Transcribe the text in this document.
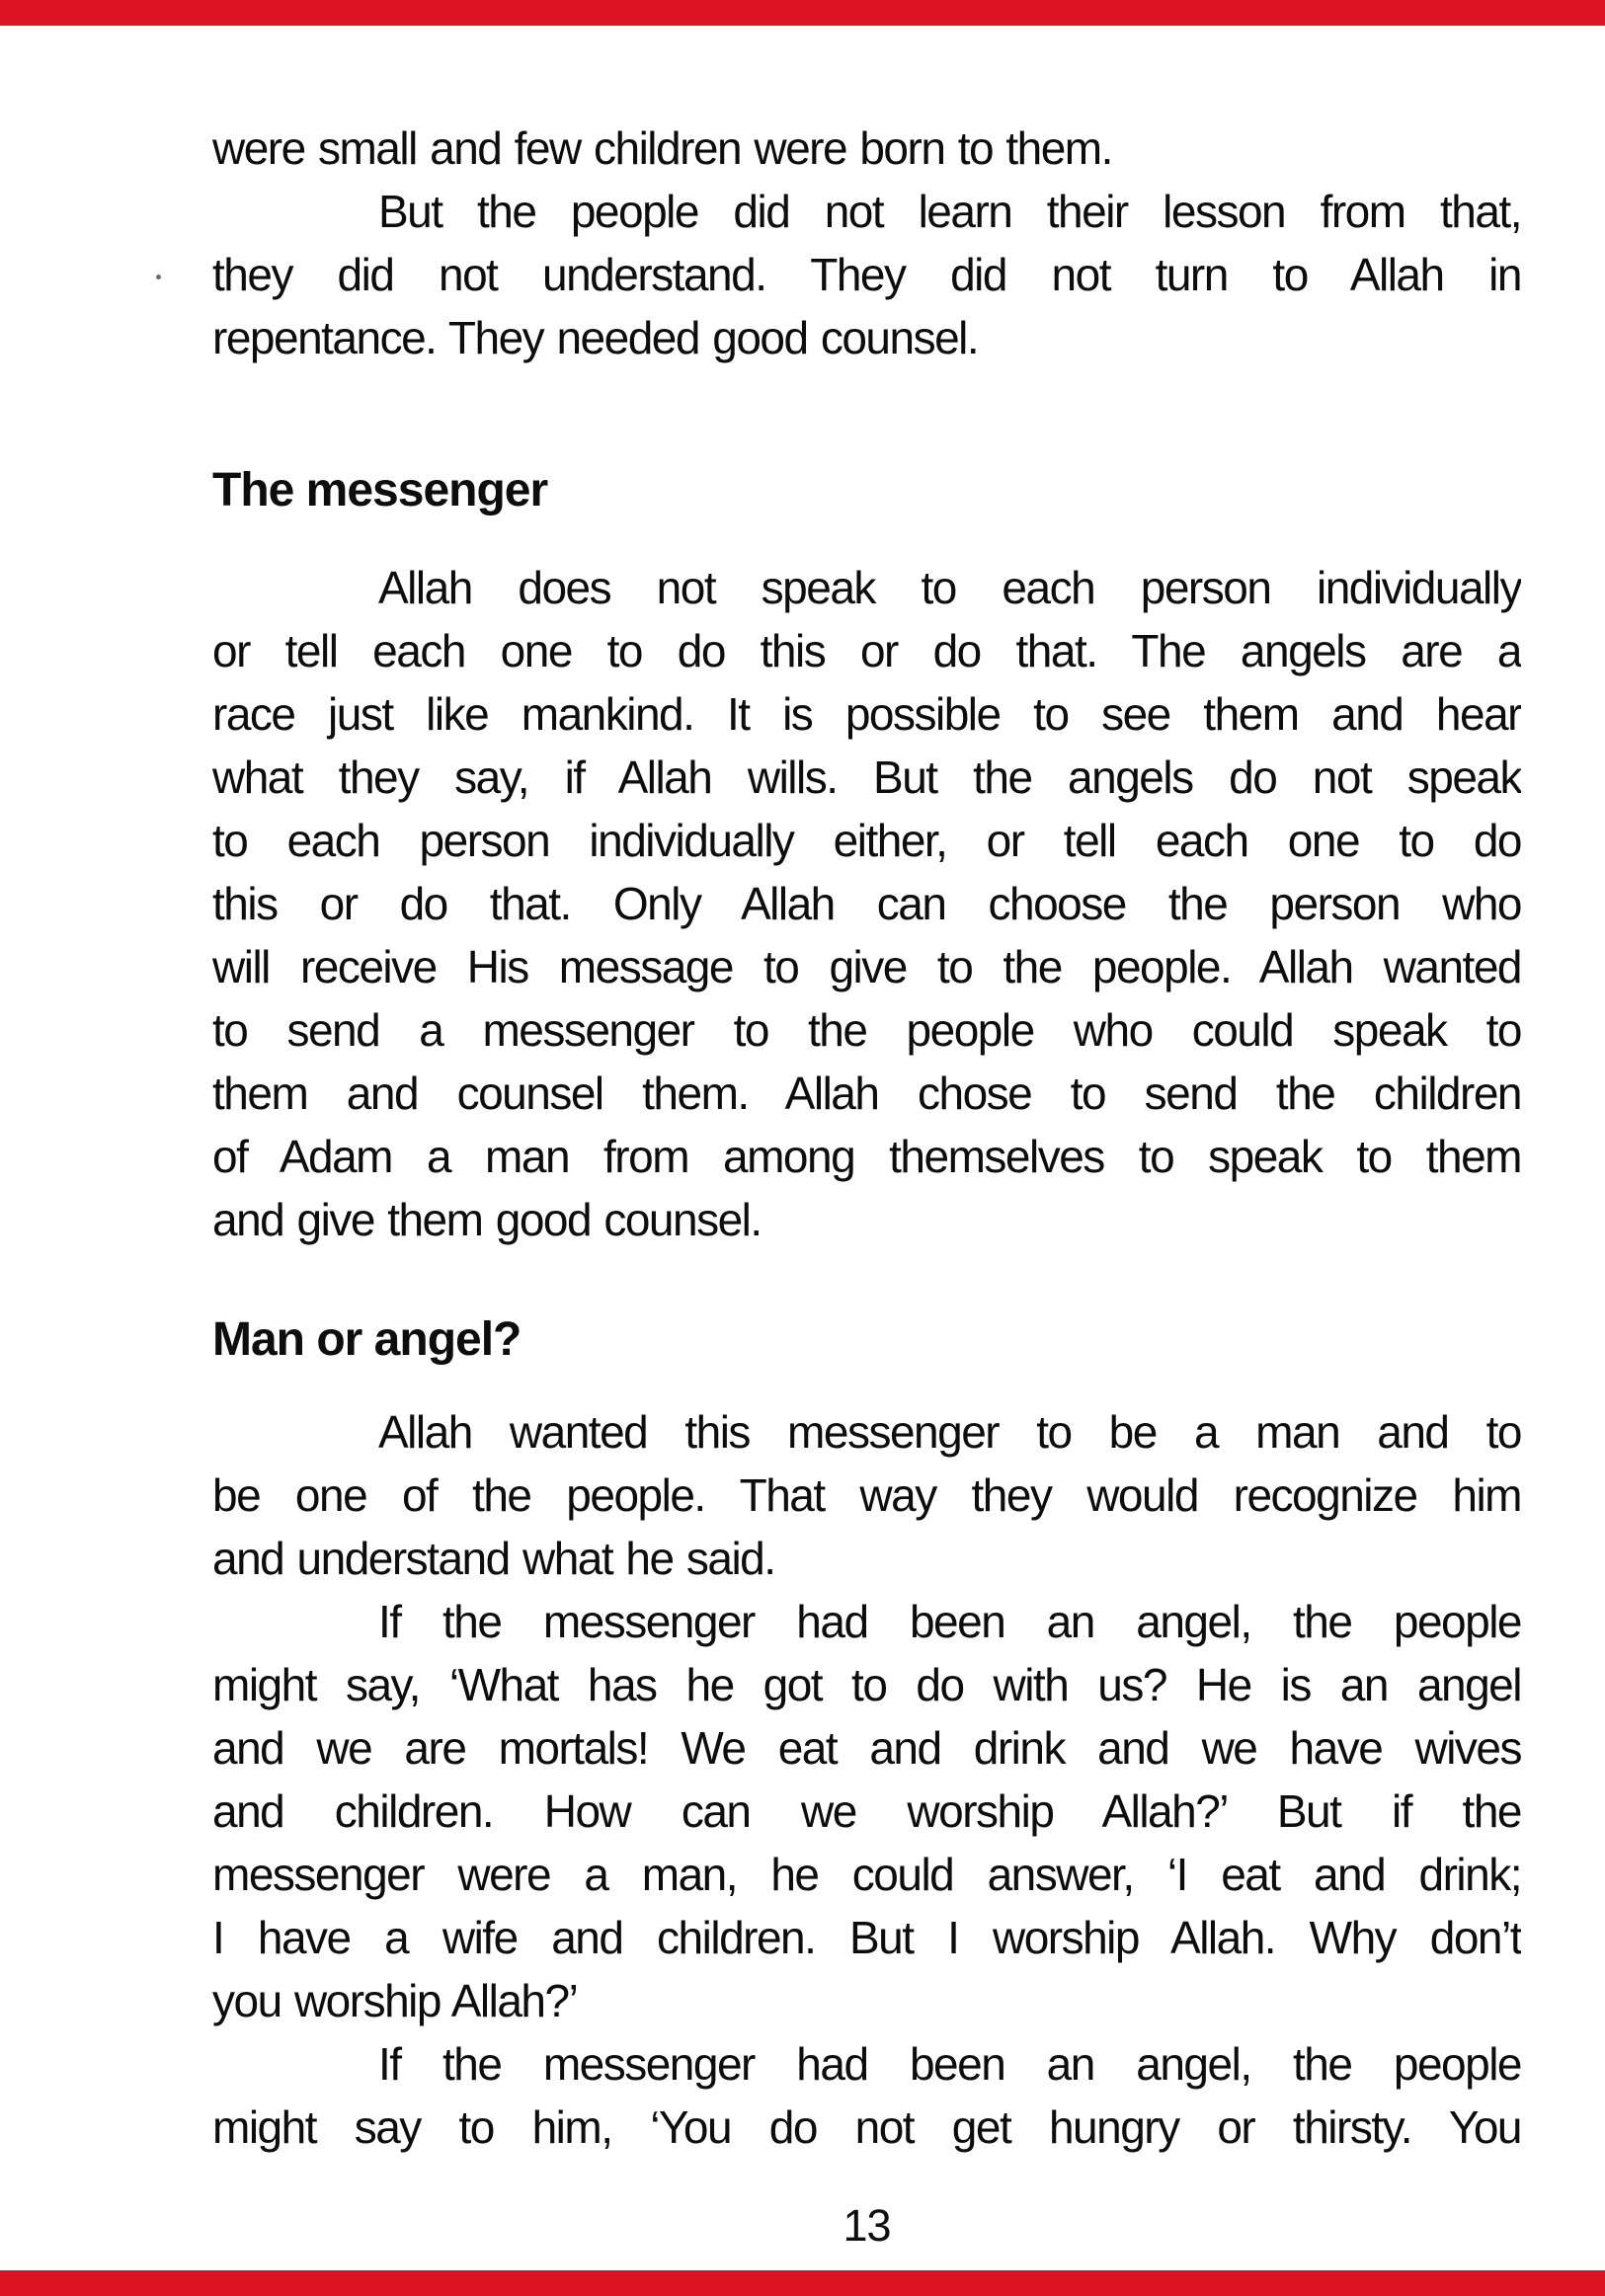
were small and few children were born to them.
But the people did not learn their lesson from that,
they did not understand. They did not turn to Allah in
repentance. They needed good counsel.
The messenger
Allah does not speak to each person individually
or tell each one to do this or do that. The angels are a
race just like mankind. It is possible to see them and hear
what they say, if Allah wills. But the angels do not speak
to each person individually either, or tell each one to do
this or do that. Only Allah can choose the person who
will receive His message to give to the people. Allah wanted
to send a messenger to the people who could speak to
them and counsel them. Allah chose to send the children
of Adam a man from among themselves to speak to them
and give them good counsel.
Man or angel?
Allah wanted this messenger to be a man and to
be one of the people. That way they would recognize him
and understand what he said.
If the messenger had been an angel, the people
might say, ‘What has he got to do with us? He is an angel
and we are mortals! We eat and drink and we have wives
and children. How can we worship Allah?’ But if the
messenger were a man, he could answer, ‘I eat and drink;
I have a wife and children. But I worship Allah. Why don’t
you worship Allah?’
If the messenger had been an angel, the people
might say to him, ‘You do not get hungry or thirsty. You
13
